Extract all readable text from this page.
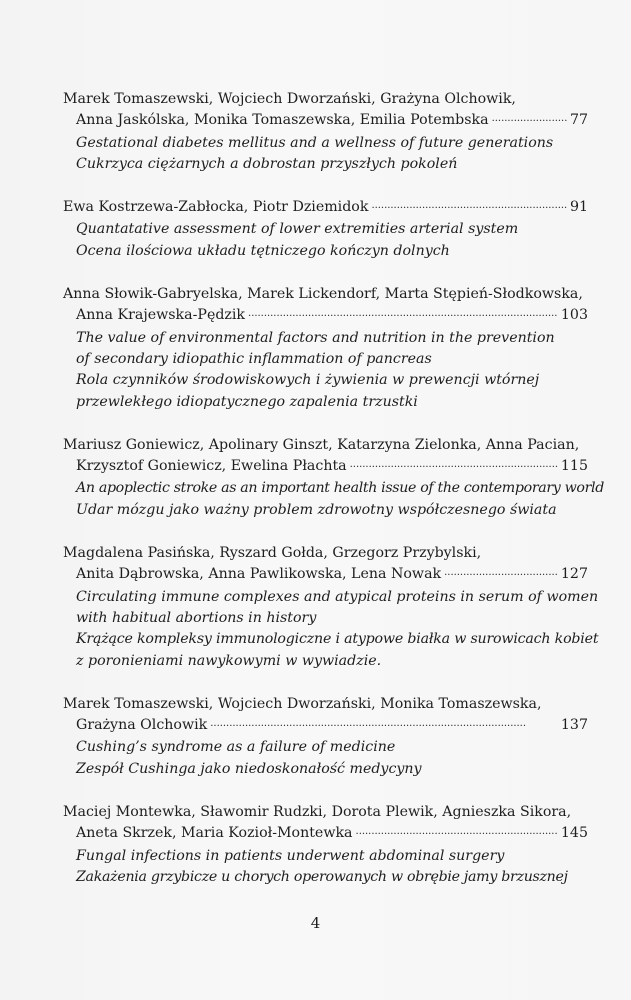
Marek Tomaszewski, Wojciech Dworzański, Grażyna Olchowik,
Anna Jaskólska, Monika Tomaszewska, Emilia Potembska . . .	77
Gestational diabetes mellitus and a wellness of future generations
Cukrzyca ciężarnych a dobrostan przyszłych pokoleń
Ewa Kostrzewa-Zabłocka, Piotr Dziemidok . . .	91
Quantatative assessment of lower extremities arterial system
Ocena ilościowa układu tętniczego kończyn dolnych
Anna Słowik-Gabryelska, Marek Lickendorf, Marta Stępień-Słodkowska,
Anna Krajewska-Pędzik . . .	103
The value of environmental factors and nutrition in the prevention
of secondary idiopathic inflammation of pancreas
Rola czynników środowiskowych i żywienia w prewencji wtórnej
przewlekłego idiopatycznego zapalenia trzustki
Mariusz Goniewicz, Apolinary Ginszt, Katarzyna Zielonka, Anna Pacian,
Krzysztof Goniewicz, Ewelina Płachta . . .	115
An apoplectic stroke as an important health issue of the contemporary world
Udar mózgu jako ważny problem zdrowotny współczesnego świata
Magdalena Pasińska, Ryszard Gołda, Grzegorz Przybylski,
Anita Dąbrowska, Anna Pawlikowska, Lena Nowak . . .	127
Circulating immune complexes and atypical proteins in serum of women
with habitual abortions in history
Krążące kompleksy immunologiczne i atypowe białka w surowicach kobiet
z poronieniami nawykowymi w wywiadzie.
Marek Tomaszewski, Wojciech Dworzański, Monika Tomaszewska,
Grażyna Olchowik . . .	137
Cushing’s syndrome as a failure of medicine
Zespół Cushinga jako niedoskonałość medycyny
Maciej Montewka, Sławomir Rudzki, Dorota Plewik, Agnieszka Sikora,
Aneta Skrzek, Maria Kozioł-Montewka . . .	145
Fungal infections in patients underwent abdominal surgery
Zakażenia grzybicze u chorych operowanych w obrębie jamy brzusznej
4
